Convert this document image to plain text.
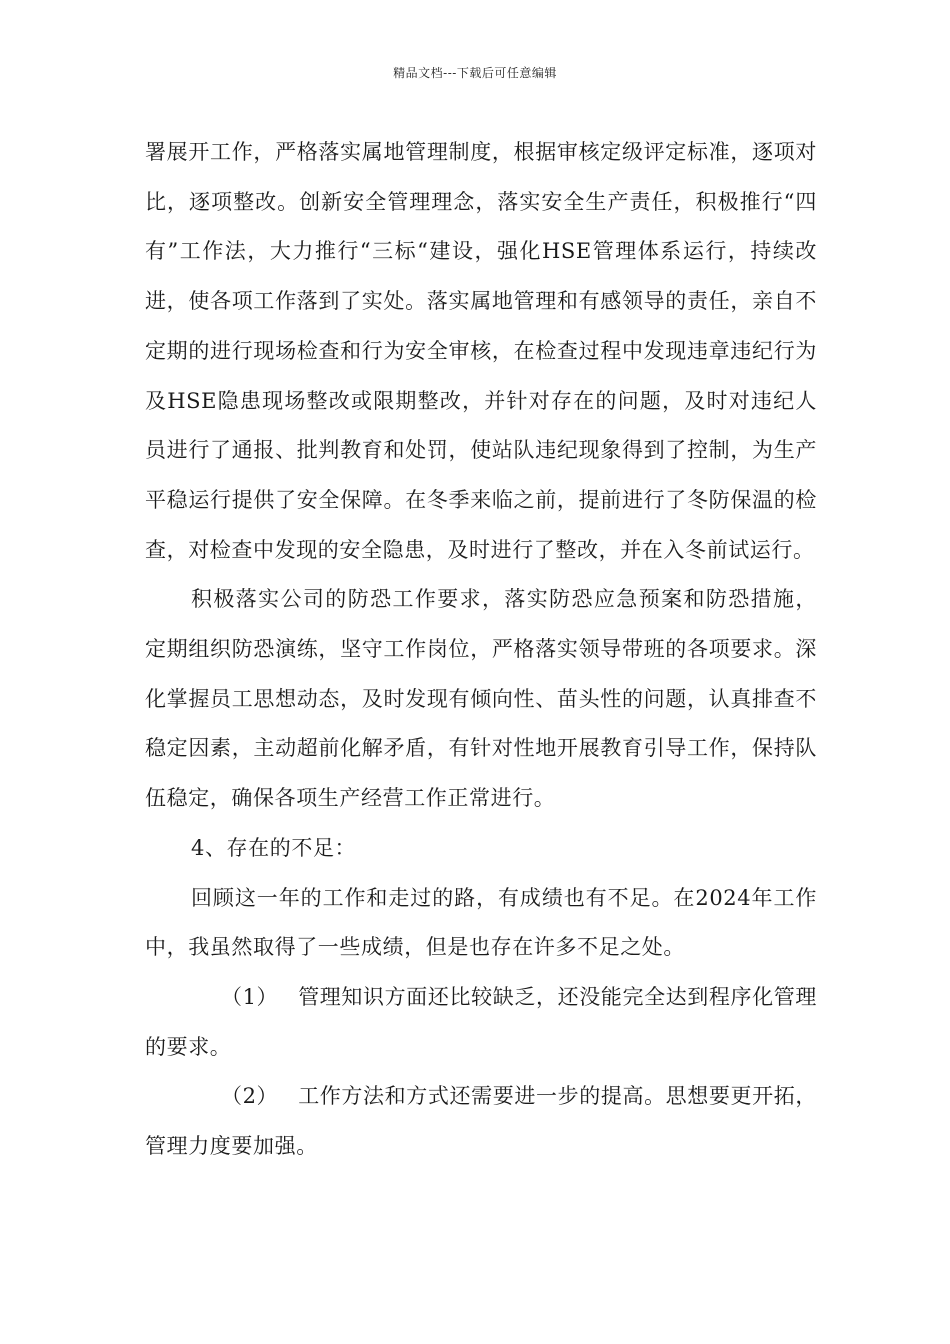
精品文档---下载后可任意编辑

署展开工作，严格落实属地管理制度，根据审核定级评定标准，逐项对比，逐项整改。创新安全管理理念，落实安全生产责任，积极推行“四有”工作法，大力推行“三标“建设，强化HSE管理体系运行，持续改进，使各项工作落到了实处。落实属地管理和有感领导的责任，亲自不定期的进行现场检查和行为安全审核，在检查过程中发现违章违纪行为及HSE隐患现场整改或限期整改，并针对存在的问题，及时对违纪人员进行了通报、批判教育和处罚，使站队违纪现象得到了控制，为生产平稳运行提供了安全保障。在冬季来临之前，提前进行了冬防保温的检查，对检查中发现的安全隐患，及时进行了整改，并在入冬前试运行。

积极落实公司的防恐工作要求，落实防恐应急预案和防恐措施，定期组织防恐演练，坚守工作岗位，严格落实领导带班的各项要求。深化掌握员工思想动态，及时发现有倾向性、苗头性的问题，认真排查不稳定因素，主动超前化解矛盾，有针对性地开展教育引导工作，保持队伍稳定，确保各项生产经营工作正常进行。

4、存在的不足：

回顾这一年的工作和走过的路，有成绩也有不足。在2024年工作中，我虽然取得了一些成绩，但是也存在许多不足之处。

（1） 管理知识方面还比较缺乏，还没能完全达到程序化管理的要求。

（2） 工作方法和方式还需要进一步的提高。思想要更开拓，管理力度要加强。
